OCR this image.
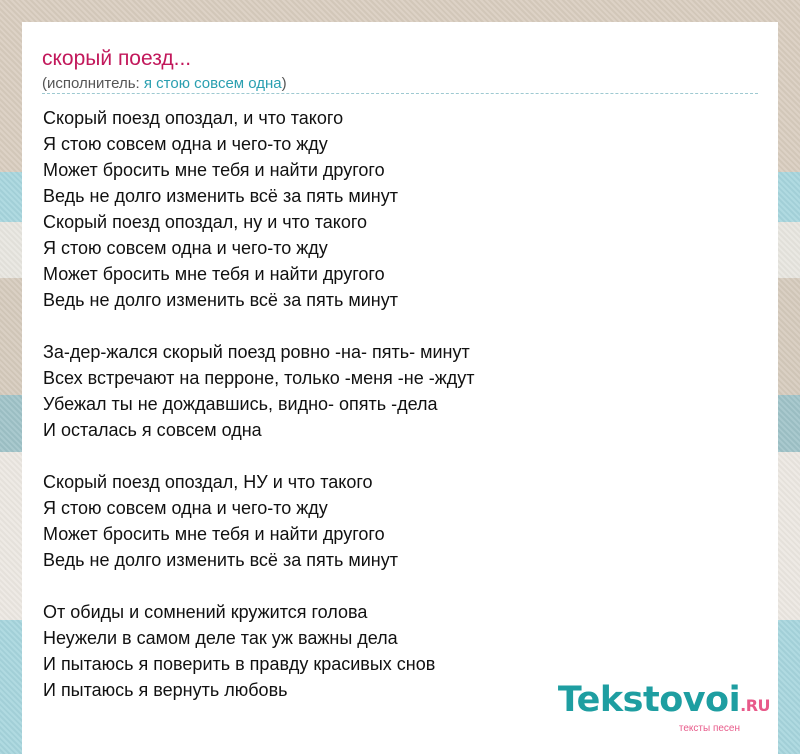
скорый поезд...
(исполнитель: я стою совсем одна)
Скорый поезд опоздал, и что такого
Я стою совсем одна и чего-то жду
Может бросить мне тебя и найти другого
Ведь не долго изменить всё за пять минут
Скорый поезд опоздал, ну и что такого
Я стою совсем одна и чего-то жду
Может бросить мне тебя и найти другого
Ведь не долго изменить всё за пять минут
За-дер-жался скорый поезд ровно -на- пять- минут
Всех встречают на перроне, только -меня -не -ждут
Убежал ты не дождавшись, видно- опять -дела
И осталась я совсем одна
Скорый поезд опоздал, НУ и что такого
Я стою совсем одна и чего-то жду
Может бросить мне тебя и найти другого
Ведь не долго изменить всё за пять минут
От обиды и сомнений кружится голова
Неужели в самом деле так уж важны дела
И пытаюсь я поверить в правду красивых снов
И пытаюсь я вернуть любовь	Tekstovoi.RU
тексты песен
